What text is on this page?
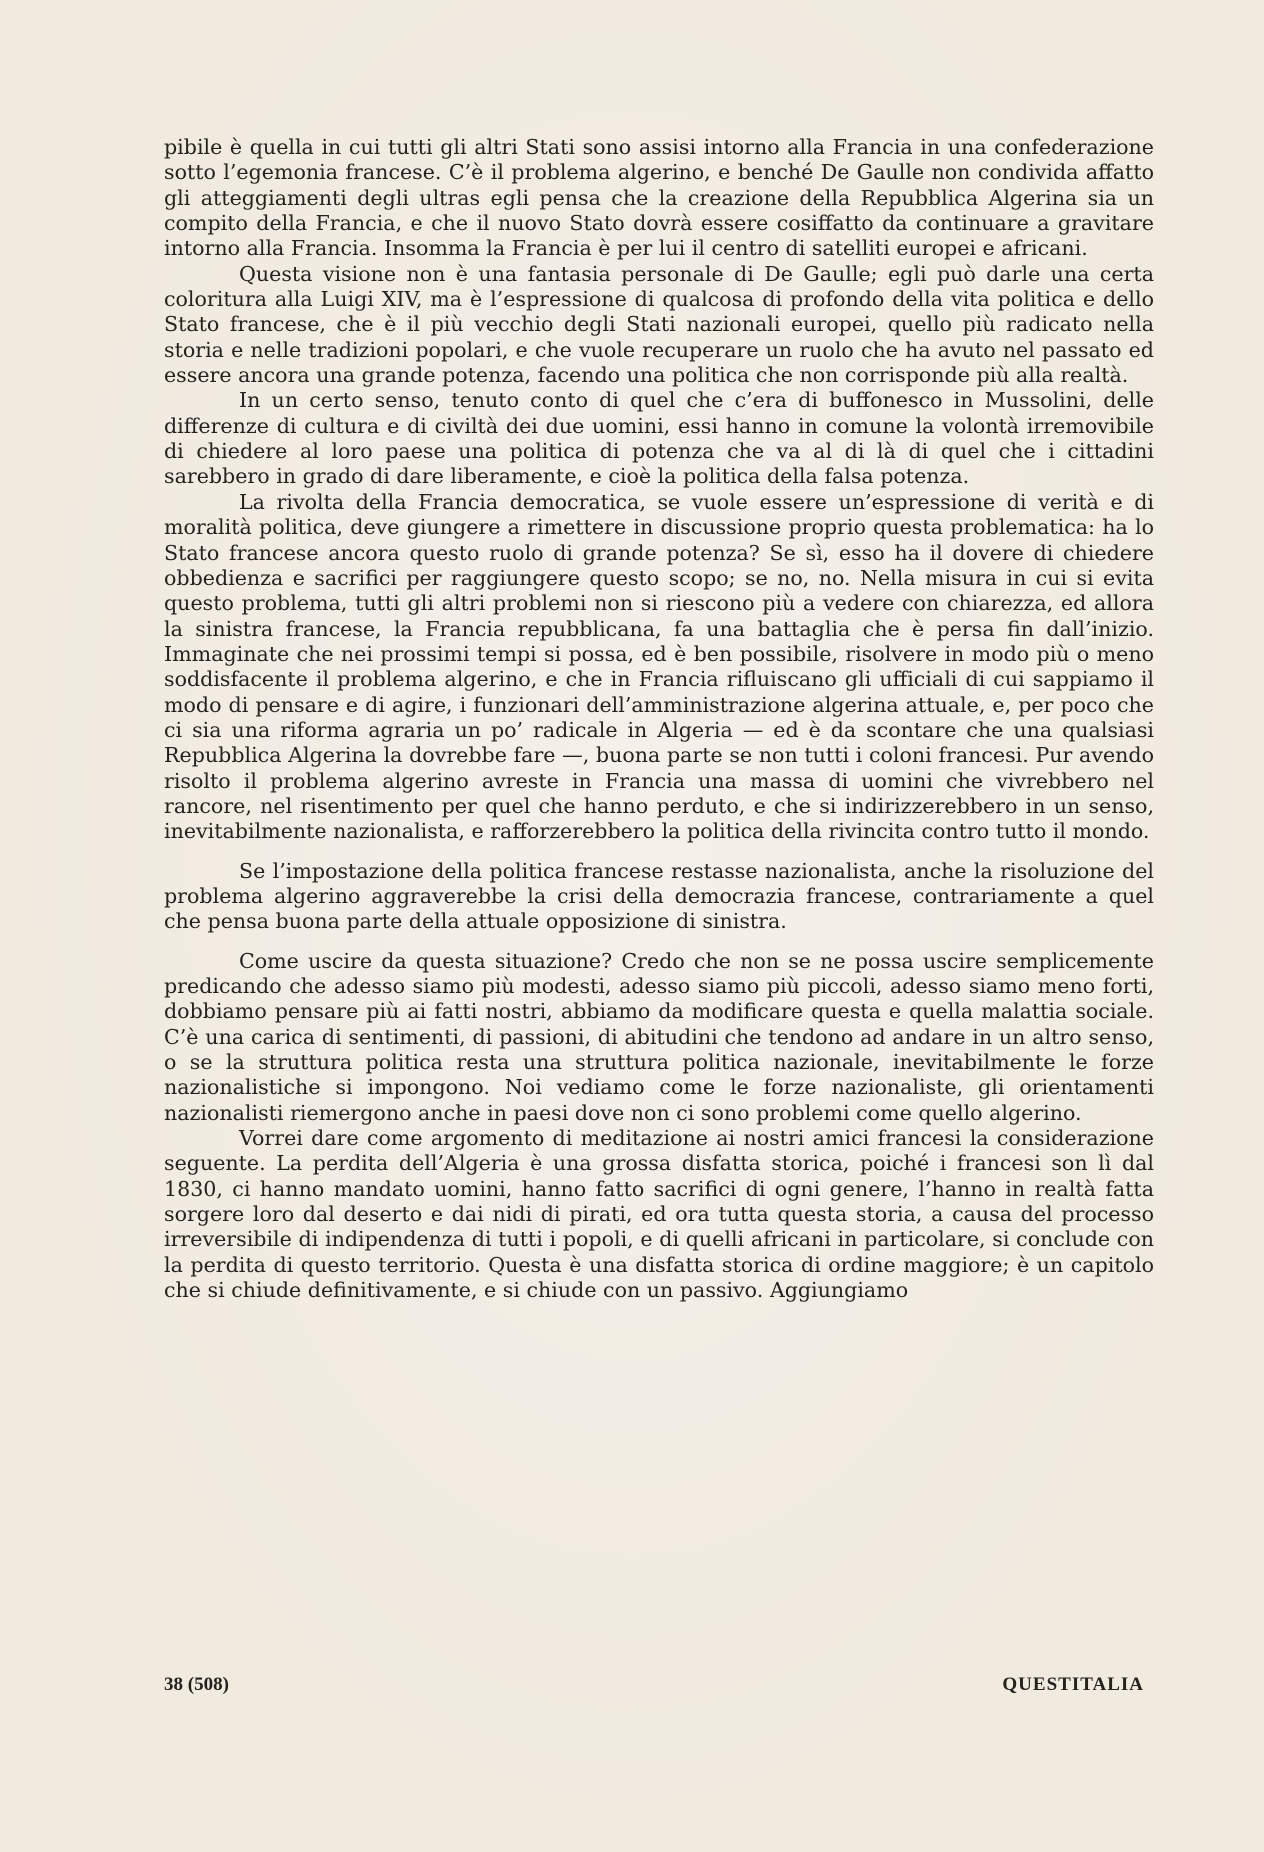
pibile è quella in cui tutti gli altri Stati sono assisi intorno alla Francia in una confederazione sotto l’egemonia francese. C’è il problema algerino, e benché De Gaulle non condivida affatto gli atteggiamenti degli ultras egli pensa che la creazione della Repubblica Algerina sia un compito della Francia, e che il nuovo Stato dovrà essere cosiffatto da continuare a gravitare intorno alla Francia. Insomma la Francia è per lui il centro di satelliti europei e africani.

Questa visione non è una fantasia personale di De Gaulle; egli può darle una certa coloritura alla Luigi XIV, ma è l’espressione di qualcosa di profondo della vita politica e dello Stato francese, che è il più vecchio degli Stati nazionali europei, quello più radicato nella storia e nelle tradizioni popolari, e che vuole recuperare un ruolo che ha avuto nel passato ed essere ancora una grande potenza, facendo una politica che non corrisponde più alla realtà.

In un certo senso, tenuto conto di quel che c’era di buffonesco in Mussolini, delle differenze di cultura e di civiltà dei due uomini, essi hanno in comune la volontà irremovibile di chiedere al loro paese una politica di potenza che va al di là di quel che i cittadini sarebbero in grado di dare liberamente, e cioè la politica della falsa potenza.

La rivolta della Francia democratica, se vuole essere un’espressione di verità e di moralità politica, deve giungere a rimettere in discussione proprio questa problematica: ha lo Stato francese ancora questo ruolo di grande potenza? Se sì, esso ha il dovere di chiedere obbedienza e sacrifici per raggiungere questo scopo; se no, no. Nella misura in cui si evita questo problema, tutti gli altri problemi non si riescono più a vedere con chiarezza, ed allora la sinistra francese, la Francia repubblicana, fa una battaglia che è persa fin dall’inizio. Immaginate che nei prossimi tempi si possa, ed è ben possibile, risolvere in modo più o meno soddisfacente il problema algerino, e che in Francia rifluiscano gli ufficiali di cui sappiamo il modo di pensare e di agire, i funzionari dell’amministrazione algerina attuale, e, per poco che ci sia una riforma agraria un po’ radicale in Algeria — ed è da scontare che una qualsiasi Repubblica Algerina la dovrebbe fare —, buona parte se non tutti i coloni francesi. Pur avendo risolto il problema algerino avreste in Francia una massa di uomini che vivrebbero nel rancore, nel risentimento per quel che hanno perduto, e che si indirizzerebbero in un senso, inevitabilmente nazionalista, e rafforzerebbero la politica della rivincita contro tutto il mondo.

Se l’impostazione della politica francese restasse nazionalista, anche la risoluzione del problema algerino aggraverebbe la crisi della democrazia francese, contrariamente a quel che pensa buona parte della attuale opposizione di sinistra.

Come uscire da questa situazione? Credo che non se ne possa uscire semplicemente predicando che adesso siamo più modesti, adesso siamo più piccoli, adesso siamo meno forti, dobbiamo pensare più ai fatti nostri, abbiamo da modificare questa e quella malattia sociale. C’è una carica di sentimenti, di passioni, di abitudini che tendono ad andare in un altro senso, o se la struttura politica resta una struttura politica nazionale, inevitabilmente le forze nazionalistiche si impongono. Noi vediamo come le forze nazionaliste, gli orientamenti nazionalisti riemergono anche in paesi dove non ci sono problemi come quello algerino.

Vorrei dare come argomento di meditazione ai nostri amici francesi la considerazione seguente. La perdita dell’Algeria è una grossa disfatta storica, poiché i francesi son lì dal 1830, ci hanno mandato uomini, hanno fatto sacrifici di ogni genere, l’hanno in realtà fatta sorgere loro dal deserto e dai nidi di pirati, ed ora tutta questa storia, a causa del processo irreversibile di indipendenza di tutti i popoli, e di quelli africani in particolare, si conclude con la perdita di questo territorio. Questa è una disfatta storica di ordine maggiore; è un capitolo che si chiude definitivamente, e si chiude con un passivo. Aggiungiamo

38 (508)	QUESTITALIA
